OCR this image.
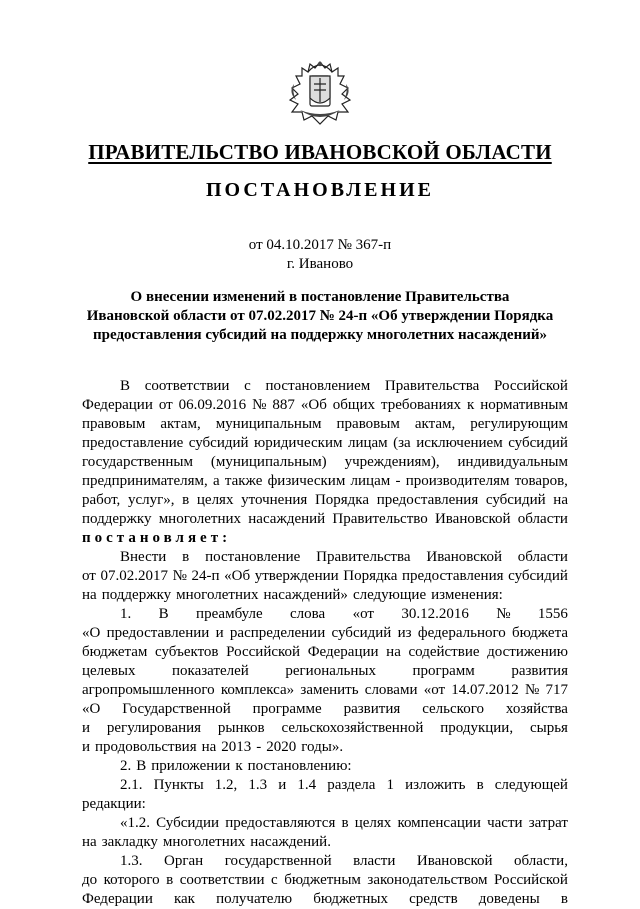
ПРАВИТЕЛЬСТВО ИВАНОВСКОЙ ОБЛАСТИ
ПОСТАНОВЛЕНИЕ
от 04.10.2017 № 367-п
г. Иваново
О внесении изменений в постановление Правительства
Ивановской области от 07.02.2017 № 24-п «Об утверждении Порядка
предоставления субсидий на поддержку многолетних насаждений»
В соответствии с постановлением Правительства Российской
Федерации от 06.09.2016 № 887 «Об общих требованиях к нормативным
правовым актам, муниципальным правовым актам, регулирующим
предоставление субсидий юридическим лицам (за исключением субсидий
государственным (муниципальным) учреждениям), индивидуальным
предпринимателям, а также физическим лицам - производителям товаров,
работ, услуг», в целях уточнения Порядка предоставления субсидий на
поддержку многолетних насаждений Правительство Ивановской области
постановляет:
Внести в постановление Правительства Ивановской области
от 07.02.2017 № 24-п «Об утверждении Порядка предоставления субсидий
на поддержку многолетних насаждений» следующие изменения:
1. В преамбуле слова «от 30.12.2016 № 1556
«О предоставлении и распределении субсидий из федерального бюджета
бюджетам субъектов Российской Федерации на содействие достижению
целевых показателей региональных программ развития
агропромышленного комплекса» заменить словами «от 14.07.2012 № 717
«О Государственной программе развития сельского хозяйства
и регулирования рынков сельскохозяйственной продукции, сырья
и продовольствия на 2013 - 2020 годы».
2. В приложении к постановлению:
2.1. Пункты 1.2, 1.3 и 1.4 раздела 1 изложить в следующей
редакции:
«1.2. Субсидии предоставляются в целях компенсации части затрат
на закладку многолетних насаждений.
1.3. Орган государственной власти Ивановской области,
до которого в соответствии с бюджетным законодательством Российской
Федерации как получателю бюджетных средств доведены в
